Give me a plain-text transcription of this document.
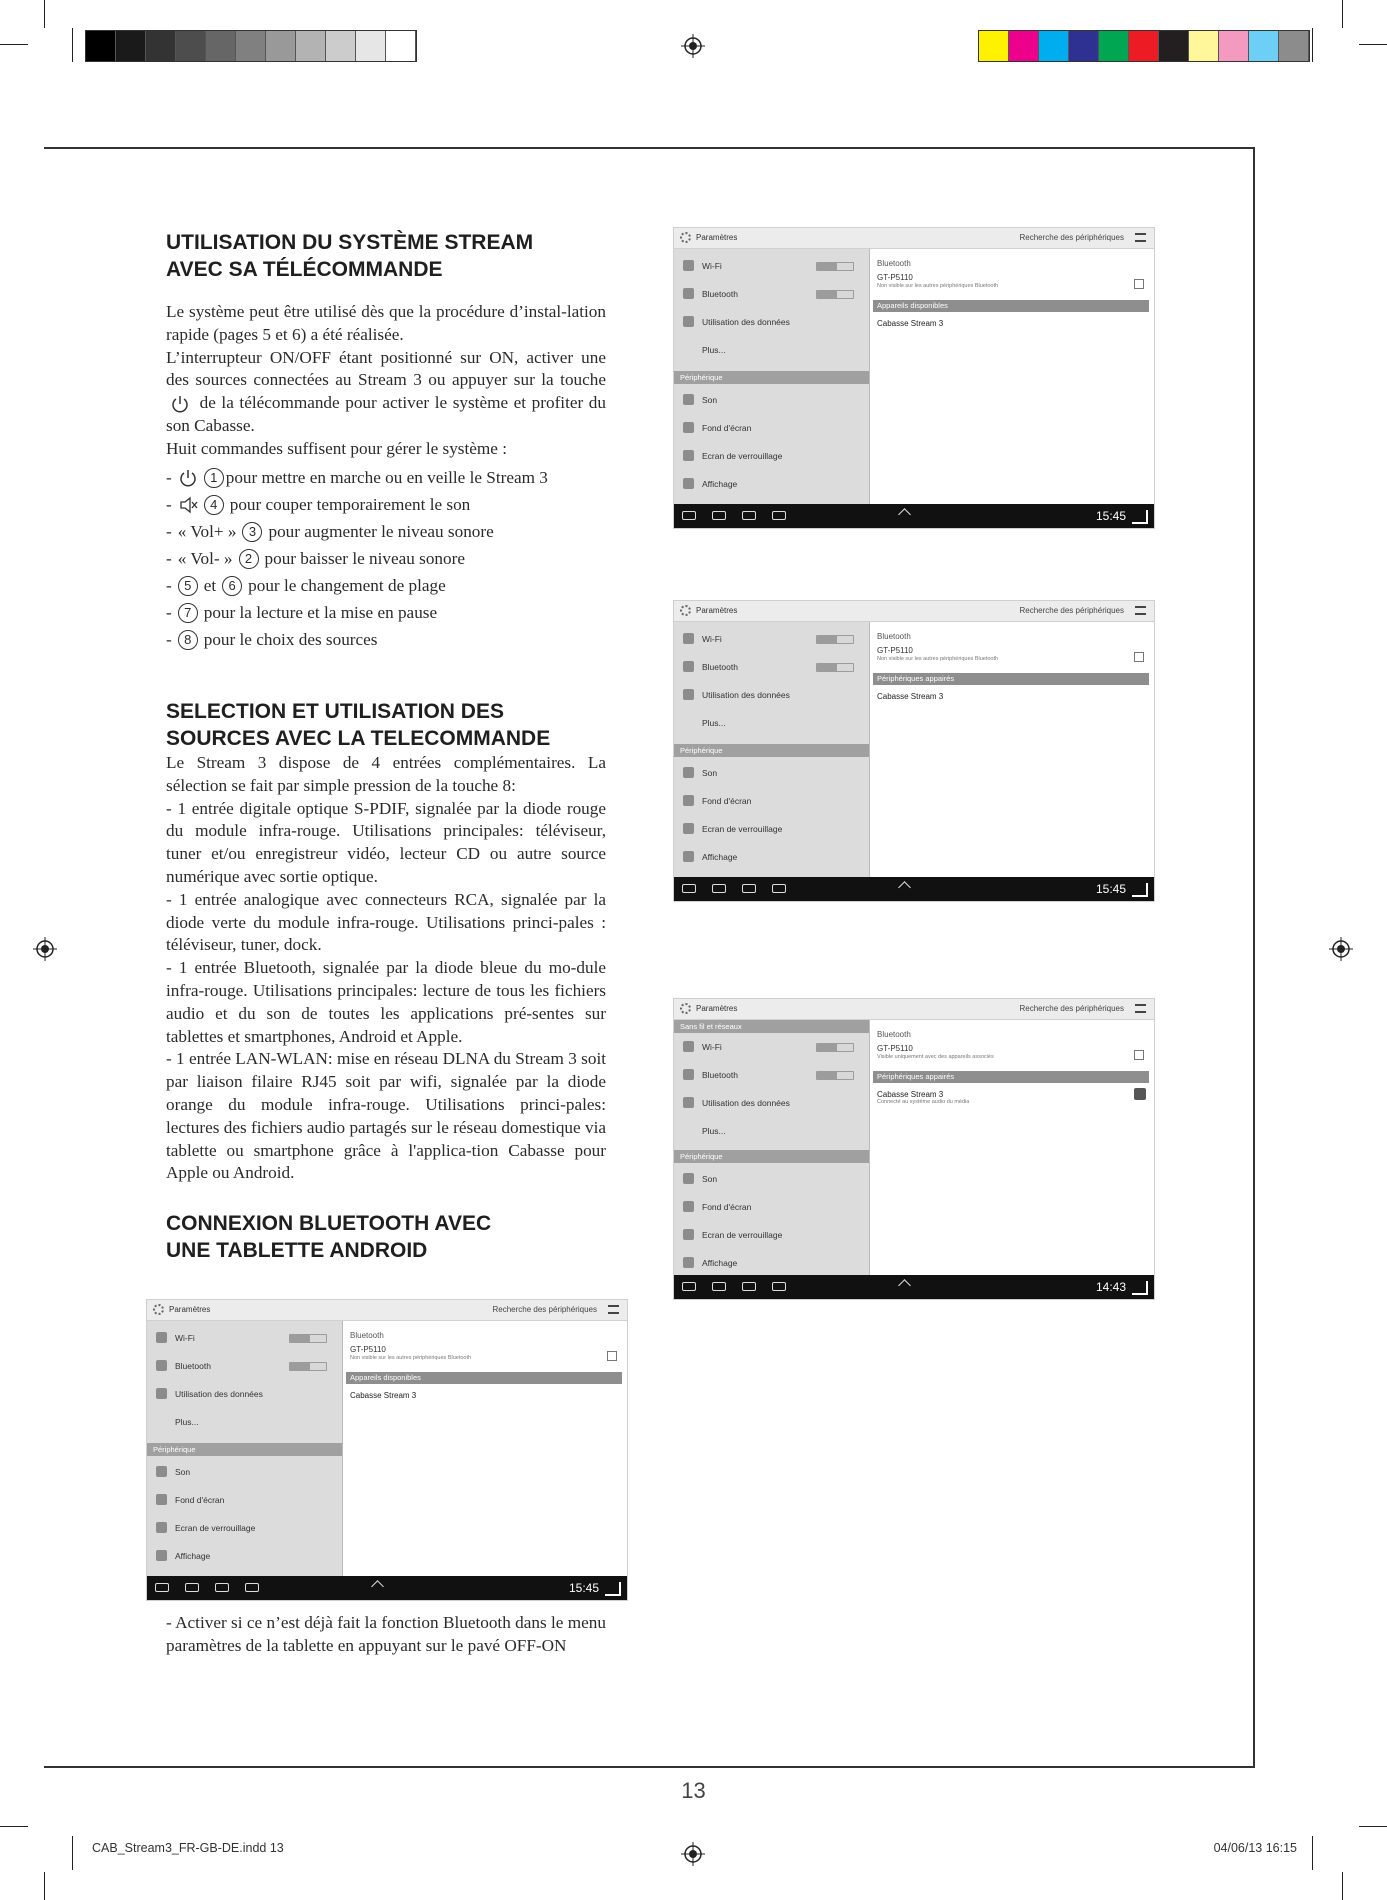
UTILISATION DU SYSTÈME STREAM
AVEC SA TÉLÉCOMMANDE

Le système peut être utilisé dès que la procédure d’instal-lation rapide (pages 5 et 6) a été réalisée.

L’interrupteur ON/OFF étant positionné sur ON, activer une des sources connectées au Stream 3 ou appuyer sur la touche  de la télécommande pour activer le système et profiter du son Cabasse.

Huit commandes suffisent pour gérer le système :

-	1 pour mettre en marche ou en veille le Stream 3
-	4 pour couper temporairement le son
- « Vol+ » 3 pour augmenter le niveau sonore
- « Vol- » 2 pour baisser le niveau sonore
- 5 et 6 pour le changement de plage
- 7 pour la lecture et la mise en pause
- 8 pour le choix des sources
SELECTION ET UTILISATION DES
SOURCES AVEC LA TELECOMMANDE

Le Stream 3 dispose de 4 entrées complémentaires. La sélection se fait par simple pression de la touche 8:

- 1 entrée digitale optique S-PDIF, signalée par la diode rouge du module infra-rouge. Utilisations principales: téléviseur, tuner et/ou enregistreur vidéo, lecteur CD ou autre source numérique avec sortie optique.

- 1 entrée analogique avec connecteurs RCA, signalée par la diode verte du module infra-rouge. Utilisations princi-pales : téléviseur, tuner, dock.

- 1 entrée Bluetooth, signalée par la diode bleue du mo-dule infra-rouge. Utilisations principales: lecture de tous les fichiers audio et du son de toutes les applications pré-sentes sur tablettes et smartphones, Android et Apple.

- 1 entrée LAN-WLAN: mise en réseau DLNA du Stream 3 soit par liaison filaire RJ45 soit par wifi, signalée par la diode orange du module infra-rouge. Utilisations princi-pales: lectures des fichiers audio partagés sur le réseau domestique via tablette ou smartphone grâce à l'applica-tion Cabasse pour Apple ou Android.

CONNEXION BLUETOOTH AVEC
UNE TABLETTE ANDROID
Paramètres	Recherche des périphériques
Wi-Fi
Bluetooth
Utilisation des données
Plus...
Périphérique
Son
Fond d'écran
Ecran de verrouillage
Affichage
Bluetooth
GT-P5110
Non visible sur les autres périphériques Bluetooth
Appareils disponibles
Cabasse Stream 3
15:45
- Activer si ce n’est déjà fait la fonction Bluetooth dans le menu paramètres de la tablette en appuyant sur le pavé OFF-ON
Paramètres	Recherche des périphériques
Wi-Fi
Bluetooth
Utilisation des données
Plus...
Périphérique
Son
Fond d'écran
Ecran de verrouillage
Affichage
Bluetooth
GT-P5110
Non visible sur les autres périphériques Bluetooth
Appareils disponibles
Cabasse Stream 3
15:45
Paramètres	Recherche des périphériques
Wi-Fi
Bluetooth
Utilisation des données
Plus...
Périphérique
Son
Fond d'écran
Ecran de verrouillage
Affichage
Bluetooth
GT-P5110
Non visible sur les autres périphériques Bluetooth
Périphériques appairés
Cabasse Stream 3
15:45
Paramètres	Recherche des périphériques
Sans fil et réseaux
Wi-Fi
Bluetooth
Utilisation des données
Plus...
Périphérique
Son
Fond d'écran
Ecran de verrouillage
Affichage
Bluetooth
GT-P5110
Visible uniquement avec des appareils associés
Périphériques appairés
Cabasse Stream 3
Connecté au système audio du média
14:43

13
CAB_Stream3_FR-GB-DE.indd 13	04/06/13 16:15
